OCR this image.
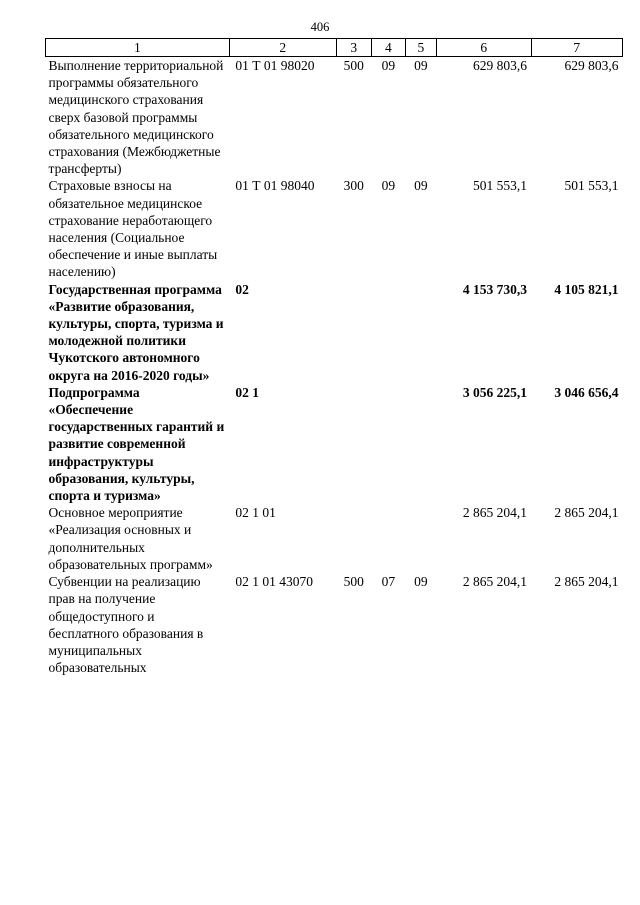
406
1	2	3	4	5	6	7
Выполнение территориальной программы обязательного медицинского страхования сверх базовой программы обязательного медицинского страхования (Межбюджетные трансферты)	01 Т 01 98020	500	09	09	629 803,6	629 803,6
Страховые взносы на обязательное медицинское страхование неработающего населения (Социальное обеспечение и иные выплаты населению)	01 Т 01 98040	300	09	09	501 553,1	501 553,1
Государственная программа «Развитие образования, культуры, спорта, туризма и молодежной политики Чукотского автономного округа на 2016-2020 годы»	02				4 153 730,3	4 105 821,1
Подпрограмма «Обеспечение государственных гарантий и развитие современной инфраструктуры образования, культуры, спорта и туризма»	02 1				3 056 225,1	3 046 656,4
Основное мероприятие «Реализация основных и дополнительных образовательных программ»	02 1 01				2 865 204,1	2 865 204,1
Субвенции на реализацию прав на получение общедоступного и бесплатного образования в муниципальных образовательных	02 1 01 43070	500	07	09	2 865 204,1	2 865 204,1
